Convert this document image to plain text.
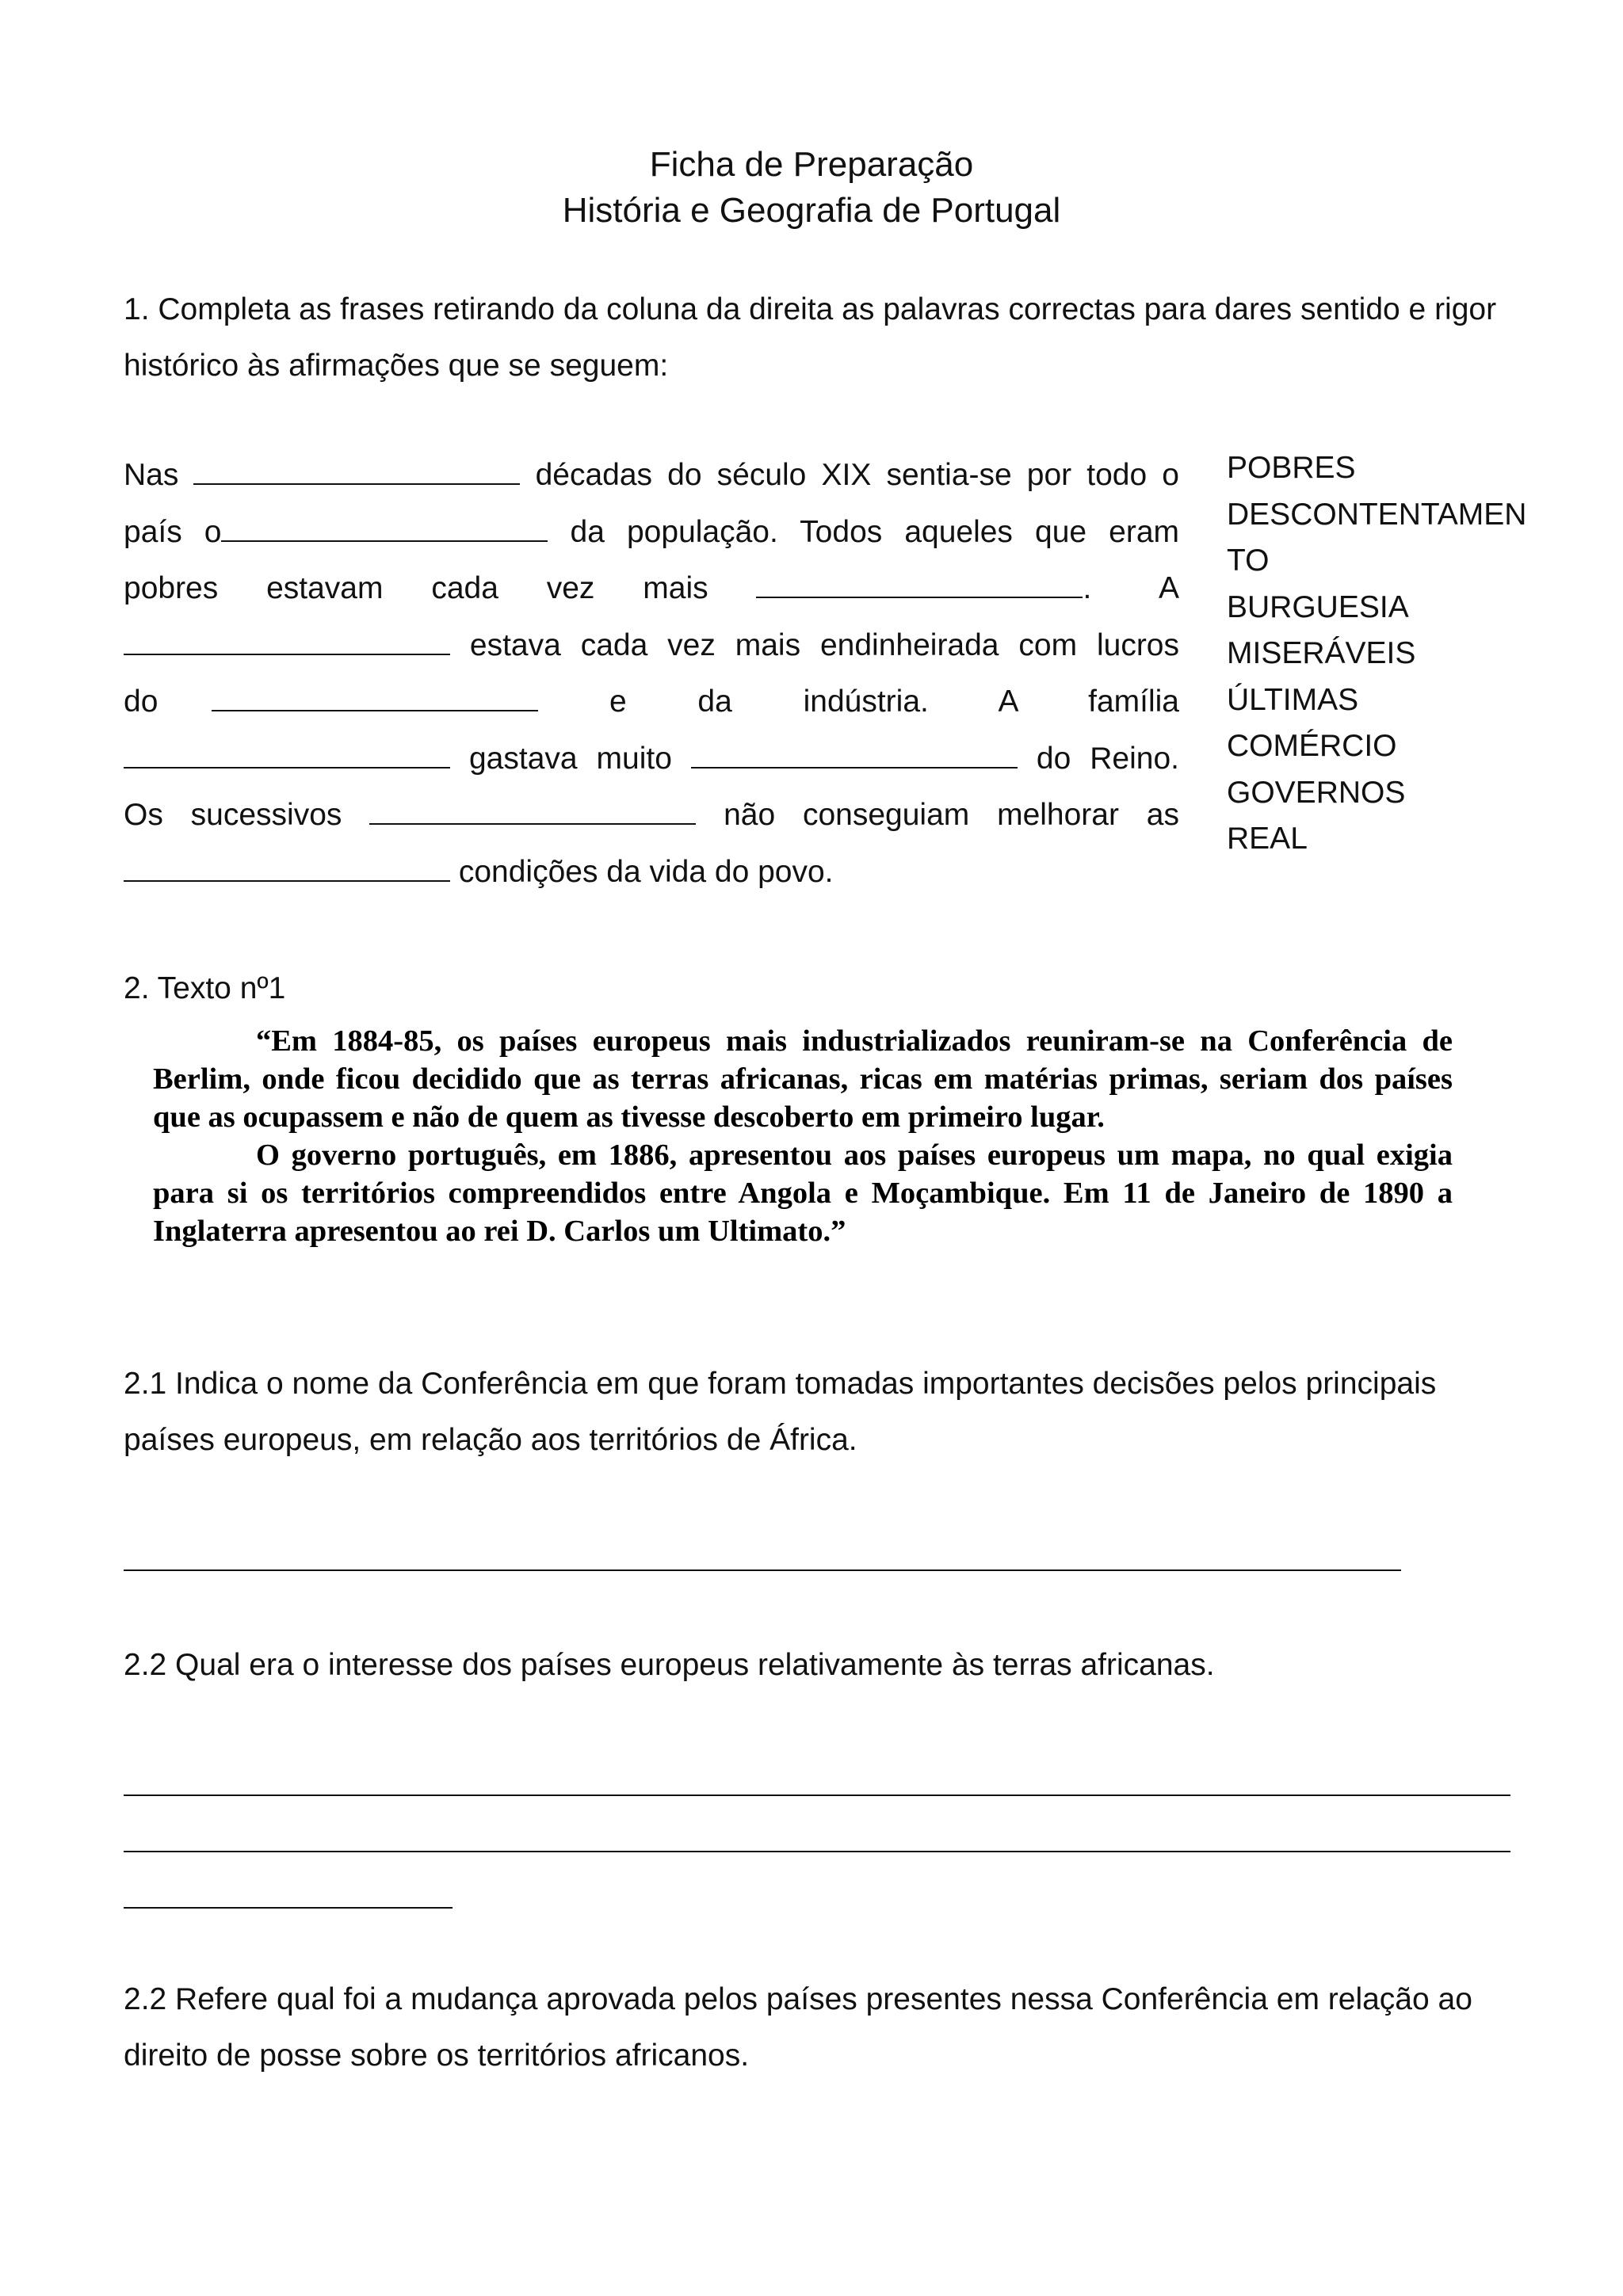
Ficha de Preparação
História e Geografia de Portugal
1. Completa as frases retirando da coluna da direita as palavras correctas para dares sentido e rigor histórico às afirmações que se seguem:
Nas	décadas do século XIX sentia-se por todo o
país o	da população. Todos aqueles que eram
pobres estavam cada vez mais	. A
estava cada vez mais endinheirada com lucros
do	e da indústria. A família
gastava muito	do Reino.
Os sucessivos	não conseguiam melhorar as
condições da vida do povo.
POBRES
DESCONTENTAMEN
TO
BURGUESIA
MISERÁVEIS
ÚLTIMAS
COMÉRCIO
GOVERNOS
REAL
2. Texto nº1

“Em 1884-85, os países europeus mais industrializados reuniram-se na Conferência de Berlim, onde ficou decidido que as terras africanas, ricas em matérias primas, seriam dos países que as ocupassem e não de quem as tivesse descoberto em primeiro lugar.

O governo português, em 1886, apresentou aos países europeus um mapa, no qual exigia para si os territórios compreendidos entre Angola e Moçambique. Em 11 de Janeiro de 1890 a Inglaterra apresentou ao rei D. Carlos um Ultimato.”

2.1 Indica o nome da Conferência em que foram tomadas importantes decisões pelos principais países europeus, em relação aos territórios de África.
2.2 Qual era o interesse dos países europeus relativamente às terras africanas.
2.2 Refere qual foi a mudança aprovada pelos países presentes nessa Conferência em relação ao direito de posse sobre os territórios africanos.
